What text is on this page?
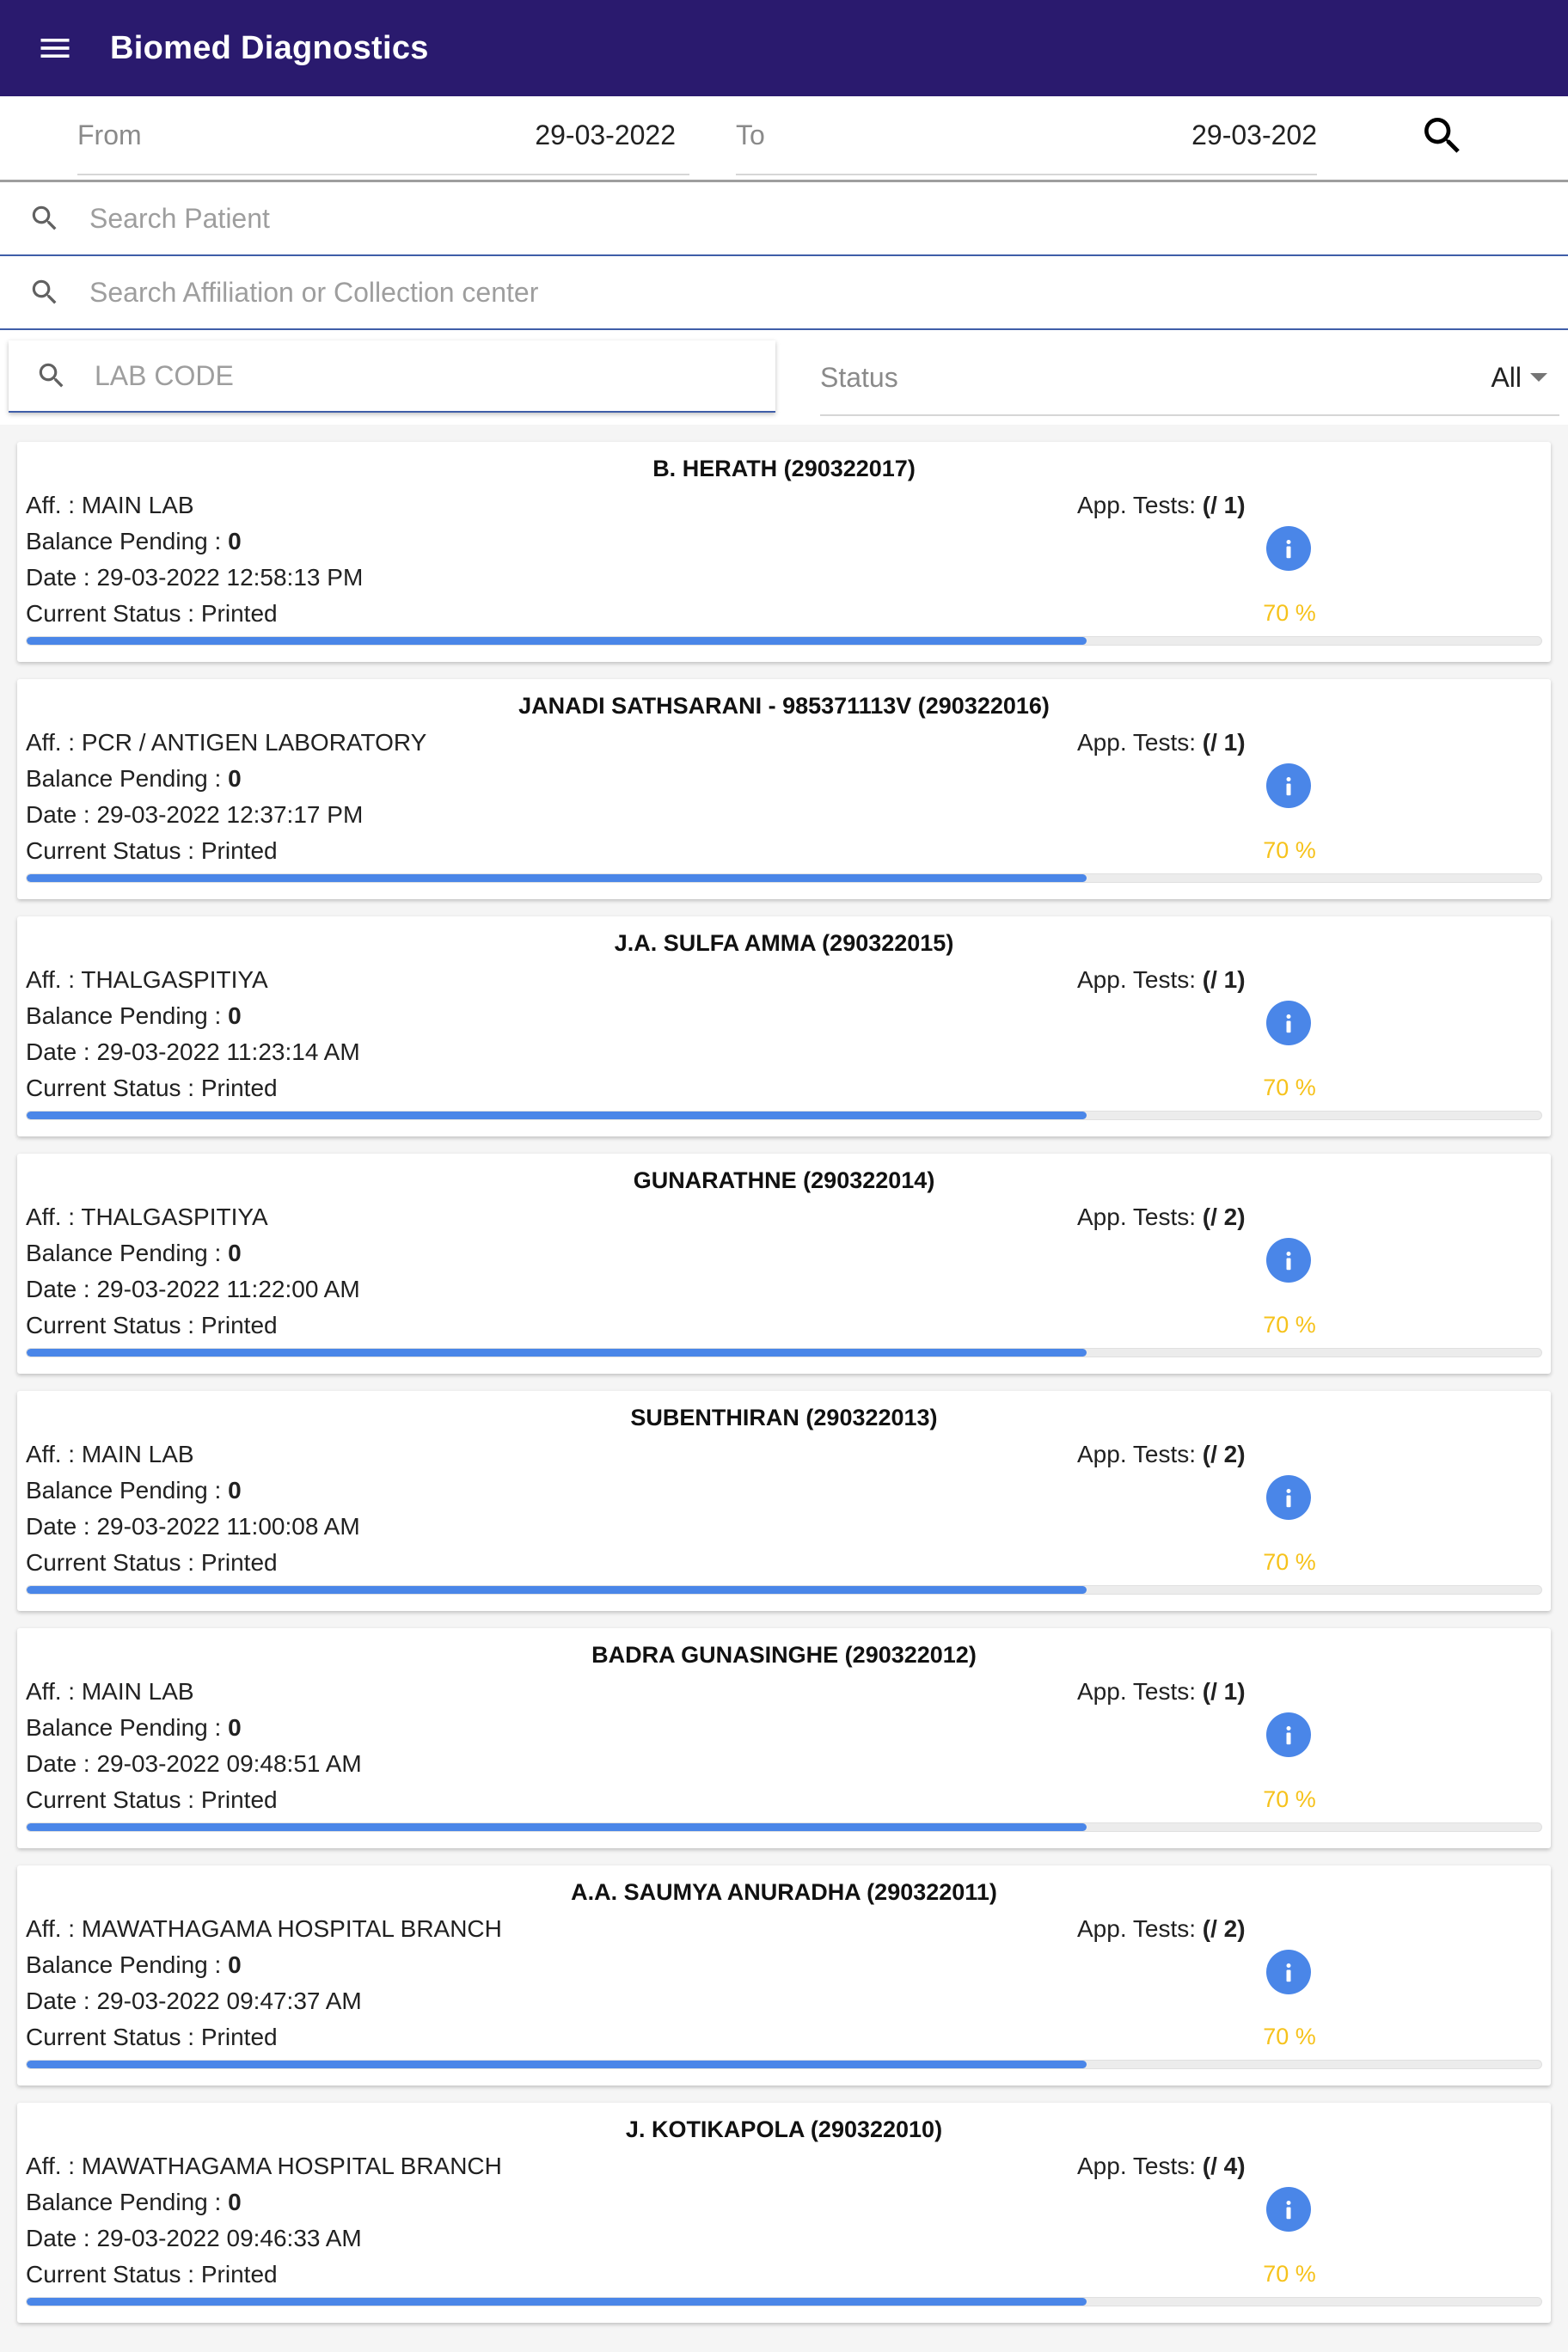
Biomed Diagnostics
From	29-03-2022 To	29-03-202
Search Patient
Search Affiliation or Collection center
LAB CODE
Status	All
B. HERATH (290322017)
Aff. : MAIN LAB
Balance Pending : 0
Date : 29-03-2022 12:58:13 PM
Current Status : Printed
App. Tests: (/ 1)
70 %
JANADI SATHSARANI - 985371113V (290322016)
Aff. : PCR / ANTIGEN LABORATORY
Balance Pending : 0
Date : 29-03-2022 12:37:17 PM
Current Status : Printed
App. Tests: (/ 1)
70 %
J.A. SULFA AMMA (290322015)
Aff. : THALGASPITIYA
Balance Pending : 0
Date : 29-03-2022 11:23:14 AM
Current Status : Printed
App. Tests: (/ 1)
70 %
GUNARATHNE (290322014)
Aff. : THALGASPITIYA
Balance Pending : 0
Date : 29-03-2022 11:22:00 AM
Current Status : Printed
App. Tests: (/ 2)
70 %
SUBENTHIRAN (290322013)
Aff. : MAIN LAB
Balance Pending : 0
Date : 29-03-2022 11:00:08 AM
Current Status : Printed
App. Tests: (/ 2)
70 %
BADRA GUNASINGHE (290322012)
Aff. : MAIN LAB
Balance Pending : 0
Date : 29-03-2022 09:48:51 AM
Current Status : Printed
App. Tests: (/ 1)
70 %
A.A. SAUMYA ANURADHA (290322011)
Aff. : MAWATHAGAMA HOSPITAL BRANCH
Balance Pending : 0
Date : 29-03-2022 09:47:37 AM
Current Status : Printed
App. Tests: (/ 2)
70 %
J. KOTIKAPOLA (290322010)
Aff. : MAWATHAGAMA HOSPITAL BRANCH
Balance Pending : 0
Date : 29-03-2022 09:46:33 AM
Current Status : Printed
App. Tests: (/ 4)
70 %
